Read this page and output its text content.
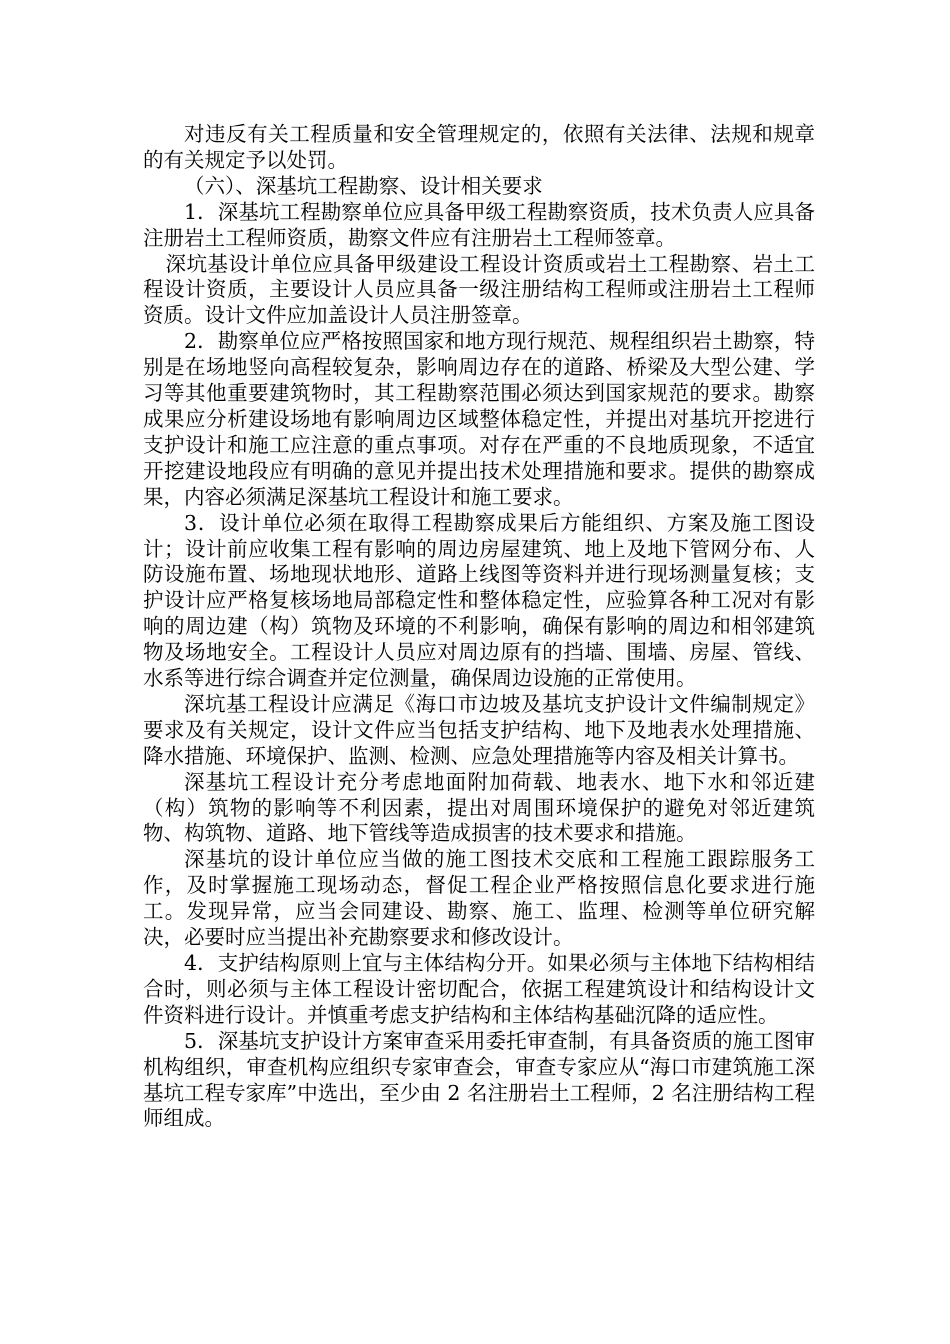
对违反有关工程质量和安全管理规定的，依照有关法律、法规和规章的有关规定予以处罚。

（六）、深基坑工程勘察、设计相关要求

1．深基坑工程勘察单位应具备甲级工程勘察资质，技术负责人应具备注册岩土工程师资质，勘察文件应有注册岩土工程师签章。

深坑基设计单位应具备甲级建设工程设计资质或岩土工程勘察、岩土工程设计资质，主要设计人员应具备一级注册结构工程师或注册岩土工程师资质。设计文件应加盖设计人员注册签章。

2．勘察单位应严格按照国家和地方现行规范、规程组织岩土勘察，特别是在场地竖向高程较复杂，影响周边存在的道路、桥梁及大型公建、学习等其他重要建筑物时，其工程勘察范围必须达到国家规范的要求。勘察成果应分析建设场地有影响周边区域整体稳定性，并提出对基坑开挖进行支护设计和施工应注意的重点事项。对存在严重的不良地质现象，不适宜开挖建设地段应有明确的意见并提出技术处理措施和要求。提供的勘察成果，内容必须满足深基坑工程设计和施工要求。

3．设计单位必须在取得工程勘察成果后方能组织、方案及施工图设计；设计前应收集工程有影响的周边房屋建筑、地上及地下管网分布、人防设施布置、场地现状地形、道路上线图等资料并进行现场测量复核；支护设计应严格复核场地局部稳定性和整体稳定性，应验算各种工况对有影响的周边建（构）筑物及环境的不利影响，确保有影响的周边和相邻建筑物及场地安全。工程设计人员应对周边原有的挡墙、围墙、房屋、管线、水系等进行综合调查并定位测量，确保周边设施的正常使用。

深坑基工程设计应满足《海口市边坡及基坑支护设计文件编制规定》要求及有关规定，设计文件应当包括支护结构、地下及地表水处理措施、降水措施、环境保护、监测、检测、应急处理措施等内容及相关计算书。

深基坑工程设计充分考虑地面附加荷载、地表水、地下水和邻近建（构）筑物的影响等不利因素，提出对周围环境保护的避免对邻近建筑物、构筑物、道路、地下管线等造成损害的技术要求和措施。

深基坑的设计单位应当做的施工图技术交底和工程施工跟踪服务工作，及时掌握施工现场动态，督促工程企业严格按照信息化要求进行施工。发现异常，应当会同建设、勘察、施工、监理、检测等单位研究解决，必要时应当提出补充勘察要求和修改设计。

4．支护结构原则上宜与主体结构分开。如果必须与主体地下结构相结合时，则必须与主体工程设计密切配合，依据工程建筑设计和结构设计文件资料进行设计。并慎重考虑支护结构和主体结构基础沉降的适应性。

5．深基坑支护设计方案审查采用委托审查制，有具备资质的施工图审机构组织，审查机构应组织专家审查会，审查专家应从“海口市建筑施工深基坑工程专家库”中选出，至少由 2 名注册岩土工程师，2 名注册结构工程师组成。
